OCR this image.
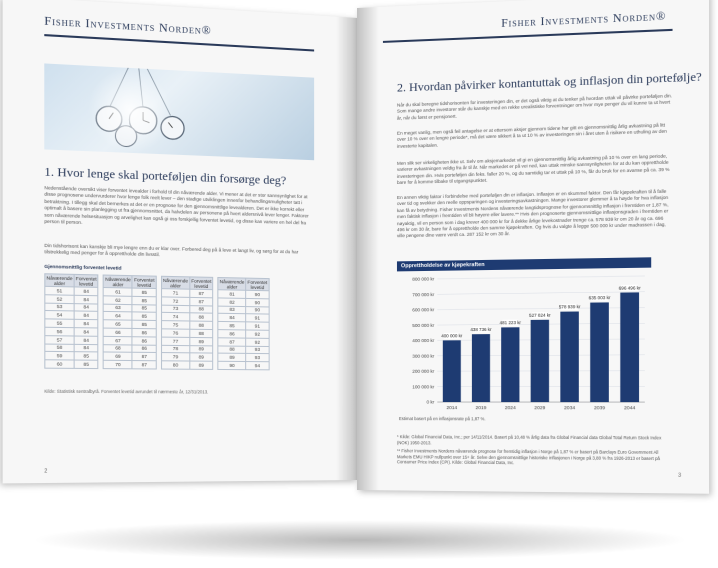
Fisher Investments Norden®
1. Hvor lenge skal porteføljen din forsørge deg?
Nedenstående oversikt viser forventet levealder i forhold til din nåværende alder. Vi mener at det er stor sannsynlighet for at disse prognosene undervurderer hvor lenge folk reelt lever – den stadige utviklingen innenfor behandlingsmuligheter tatt i betraktning. I tillegg skal det bemerkes at det er en prognose for den gjennomsnittlige levealderen. Det er ikke korrekt eller optimalt å basere sin planlegging ut fra gjennomsnittet, da halvdelen av personene på hvert aldersnivå lever lenger. Faktorer som nåværende helsesituasjon og arvelighet kan også gi oss forskjellig forventet levetid, og disse kan variere en hel del fra person til person.
Din tidshorisont kan kanskje bli mye lengre enn du er klar over. Forbered deg på å leve et langt liv, og sørg for at du har tilstrekkelig med penger for å opprettholde din livsstil.
Gjennomsnittlig forventet levetid
Nåværende alder	Forventet levetid		Nåværende alder	Forventet levetid		Nåværende alder	Forventet levetid		Nåværende alder	Forventet levetid
51	84		61	85		71	87		81	90
52	84		62	85		72	87		82	90
53	84		63	85		73	88		83	90
54	84		64	85		74	88		84	91
55	84		65	85		75	88		85	91
56	84		66	86		76	88		86	92
57	84		67	86		77	89		87	92
58	84		68	86		78	89		88	93
59	85		69	87		79	89		89	93
60	85		70	87		80	89		90	94
Kilde: Statistisk sentralbyrå. Forventet levetid avrundet til nærmeste år, 12/31/2013.
2
Fisher Investments Norden®
2. Hvordan påvirker kontantuttak og inflasjon din portefølje?
Når du skal beregne tidshorisonten for investeringen din, er det også viktig at du tenker på hvordan uttak vil påvirke porteføljen din. Som mange andre investorer står du kanskje med en rekke urealistiske forventninger om hvor mye penger du vil kunne ta ut hvert år, når du først er pensjonert.
En meget vanlig, men også feil antagelse er at ettersom aksjer gjennom tidene har gitt en gjennomsnittlig årlig avkastning på litt over 10 % over en lengre periode*, må det være sikkert å ta ut 10 % av investeringen sin i året uten å risikere en uthuling av den investerte kapitalen.
Men slik ser virkeligheten ikke ut. Selv om aksjemarkedet vil gi en gjennomsnittlig årlig avkastning på 10 % over en lang periode, varierer avkastningen veldig fra år til år. Når markedet er på vei ned, kan uttak minske sannsynligheten for at du kan opprettholde investeringen din. Hvis porteføljen din feks. faller 20 %, og du samtidig tar et uttak på 10 %, får du bruk for en avanse på ca. 39 % bare for å komme tilbake til utgangspunktet.
En annen viktig faktor i forbindelse med porteføljen din er inflasjon. Inflasjon er en skummel faktor. Den får kjøpekraften til å falle over tid og svekker den reelle oppsparingen og investeringsavkastningen. Mange investorer glemmer å ta høyde for hva inflasjon kan få av betydning. Fisher Investments Nordens nåværende langtidsprognose for gjennomsnittlig inflasjon i fremtiden er 1,87 %, men faktisk inflasjon i fremtiden vil bli høyere eller lavere.** Hvis den prognoserte gjennomsnittlige inflasjonsgraden i fremtiden er nøyaktig, vil en person som i dag krever 400 000 kr for å dekke årlige levekostnader trenge ca. 578 939 kr om 20 år og ca. 696 496 kr om 30 år, bare for å opprettholde den samme kjøpekraften. Og hvis du valgte å legge 500 000 kr under madrassen i dag, ville pengene dine være verdt ca. 287 152 kr om 30 år.
Opprettholdelse av kjøpekraften
0 kr
100 000 kr
200 000 kr
300 000 kr
400 000 kr
500 000 kr
600 000 kr
700 000 kr
800 000 kr
400 000 kr
2014
438 736 kr
2019
481 223 kr
2024
527 824 kr
2029
578 939 kr
2034
635 003 kr
2039
696 496 kr
2044
Estimat basert på en inflasjonsrate på 1,87 %.
* Kilde: Global Financial Data, Inc.; per 14/11/2014. Basert på 10,48 % årlig data fra Global Financial data Global Total Return Stock Index (NOK) 1950-2013.
** Fisher Investments Nordens nåværende prognose for fremtidig inflasjon i Norge på 1,87 % er basert på Barclays Euro Government All Markets EMU HIKP nullpunkt over 15+ år. Selve den gjennomsnittlige historiske inflasjonen i Norge på 3,80 % fra 1926-2013 er basert på Consumer Price Index (CPI). Kilde: Global Financial Data, Inc.
3
